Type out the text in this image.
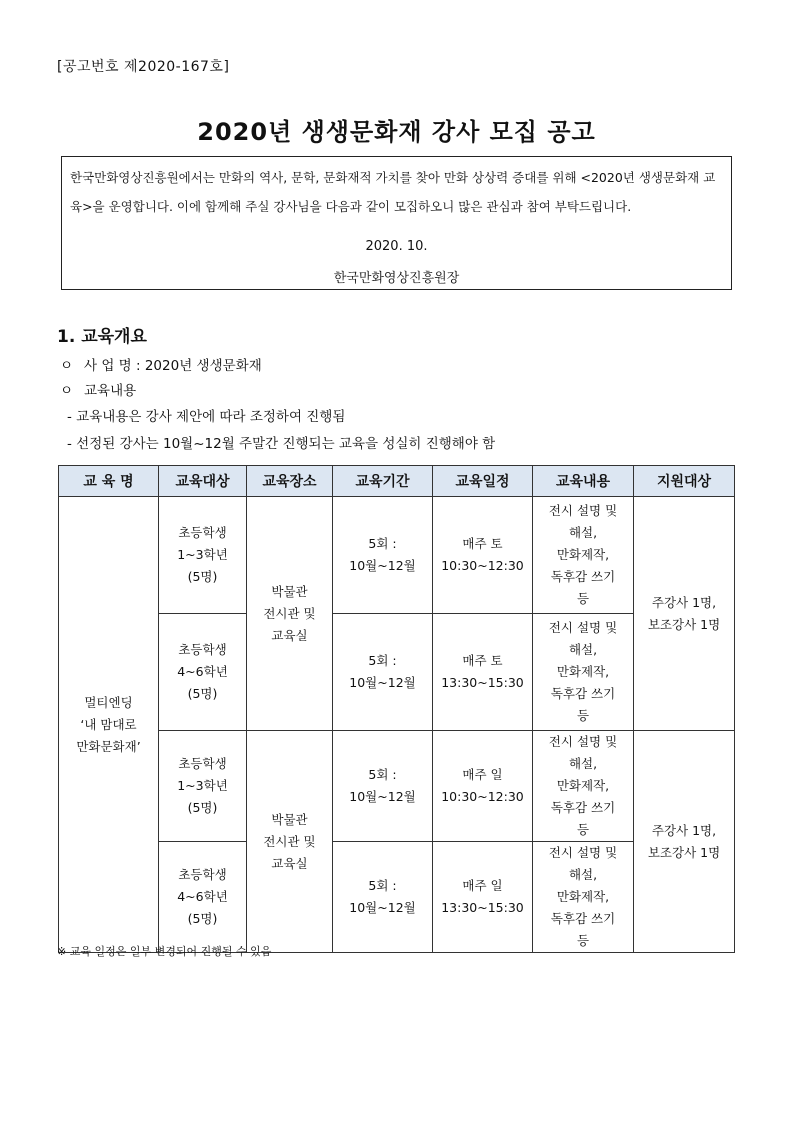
[공고번호 제2020-167호]
2020년 생생문화재 강사 모집 공고
한국만화영상진흥원에서는 만화의 역사, 문학, 문화재적 가치를 찾아 만화 상상력 증대를 위해 <2020년 생생문화재 교육>을 운영합니다. 이에 함께해 주실 강사님을 다음과 같이 모집하오니 많은 관심과 참여 부탁드립니다.
2020. 10.
한국만화영상진흥원장
1. 교육개요
ㅇ 사 업 명 : 2020년 생생문화재
ㅇ 교육내용
- 교육내용은 강사 제안에 따라 조정하여 진행됨
- 선정된 강사는 10월~12월 주말간 진행되는 교육을 성실히 진행해야 함
교 육 명	교육대상	교육장소	교육기간	교육일정	교육내용	지원대상
멀티엔딩
‘내 맘대로
만화문화재’	초등학생
1~3학년
(5명)	박물관
전시관 및
교육실	5회 :
10월~12월	매주 토
10:30~12:30	전시 설명 및
해설,
만화제작,
독후감 쓰기
등	주강사 1명,
보조강사 1명
	초등학생
4~6학년
(5명)		5회 :
10월~12월	매주 토
13:30~15:30	전시 설명 및
해설,
만화제작,
독후감 쓰기
등	
	초등학생
1~3학년
(5명)	박물관
전시관 및
교육실	5회 :
10월~12월	매주 일
10:30~12:30	전시 설명 및
해설,
만화제작,
독후감 쓰기
등	주강사 1명,
보조강사 1명
	초등학생
4~6학년
(5명)		5회 :
10월~12월	매주 일
13:30~15:30	전시 설명 및
해설,
만화제작,
독후감 쓰기
등	
※ 교육 일정은 일부 변경되어 진행될 수 있음
